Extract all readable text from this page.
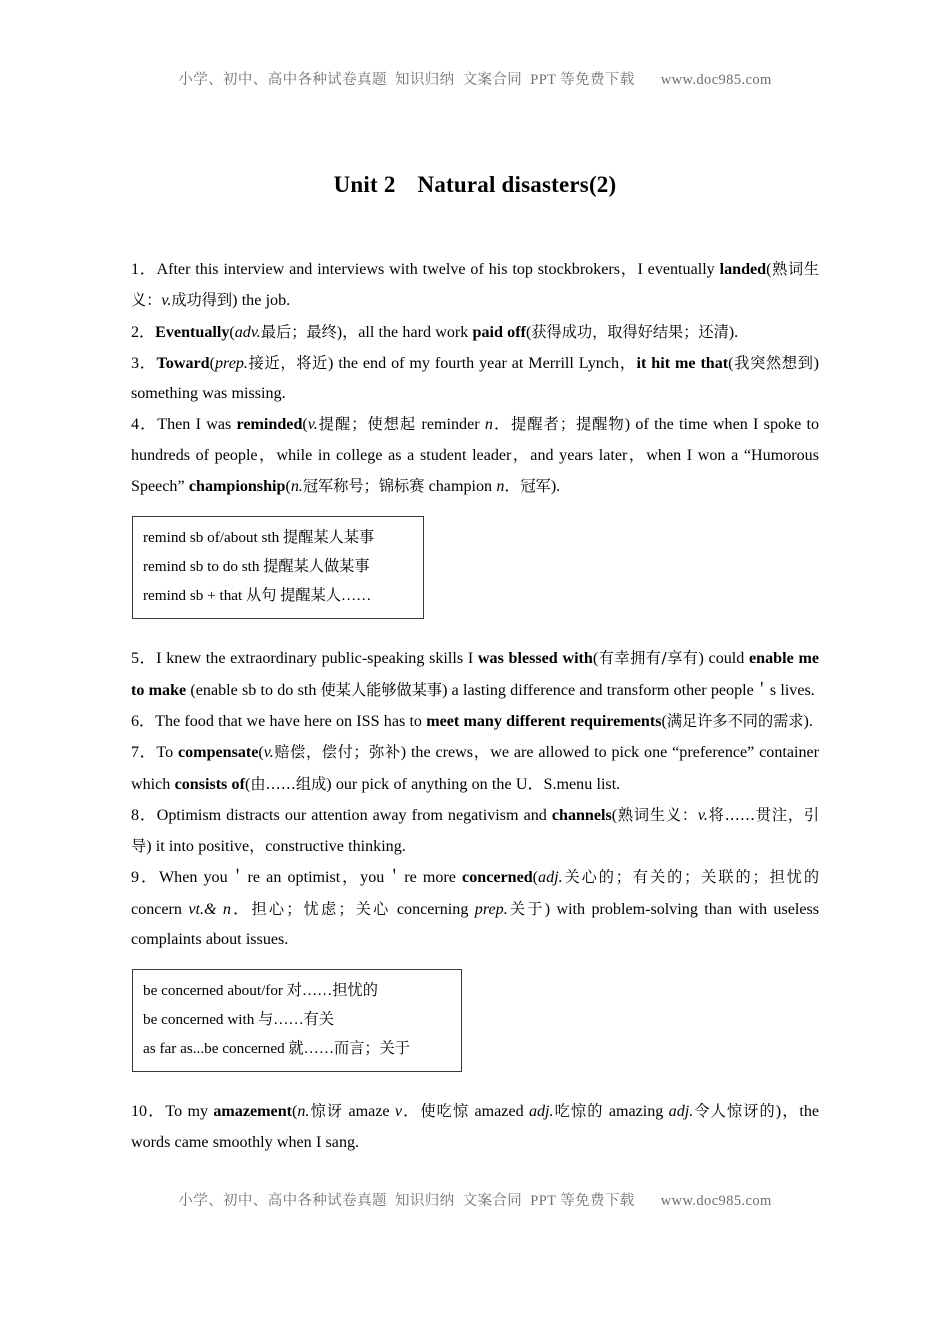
小学、初中、高中各种试卷真题  知识归纳  文案合同  PPT 等免费下载 www.doc985.com
Unit 2 Natural disasters(2)

1．After this interview and interviews with twelve of his top stockbrokers，I eventually landed(熟词生义：v.成功得到) the job.

2．Eventually(adv.最后；最终)，all the hard work paid off(获得成功，取得好结果；还清).

3．Toward(prep.接近，将近) the end of my fourth year at Merrill Lynch，it hit me that(我突然想到) something was missing.

4．Then I was reminded(v.提醒；使想起 reminder n．提醒者；提醒物) of the time when I spoke to hundreds of people，while in college as a student leader，and years later，when I won a “Humorous Speech” championship(n.冠军称号；锦标赛 champion n．冠军).

remind sb of/about sth 提醒某人某事
remind sb to do sth 提醒某人做某事
remind sb + that 从句 提醒某人……

5．I knew the extraordinary public-speaking skills I was blessed with(有幸拥有/享有) could enable me to make (enable sb to do sth 使某人能够做某事) a lasting difference and transform other people＇s lives.

6．The food that we have here on ISS has to meet many different requirements(满足许多不同的需求).

7．To compensate(v.赔偿，偿付；弥补) the crews，we are allowed to pick one “preference” container which consists of(由……组成) our pick of anything on the U．S.menu list.

8．Optimism distracts our attention away from negativism and channels(熟词生义：v.将……贯注，引导) it into positive，constructive thinking.

9．When you＇re an optimist，you＇re more concerned(adj.关心的；有关的；关联的；担忧的 concern vt.& n．担心；忧虑；关心 concerning prep.关于) with problem-solving than with useless complaints about issues.

be concerned about/for 对……担忧的
be concerned with 与……有关
as far as...be concerned 就……而言；关于

10．To my amazement(n.惊讶 amaze v．使吃惊 amazed adj.吃惊的 amazing adj.令人惊讶的)，the words came smoothly when I sang.

小学、初中、高中各种试卷真题  知识归纳  文案合同  PPT 等免费下载 www.doc985.com
